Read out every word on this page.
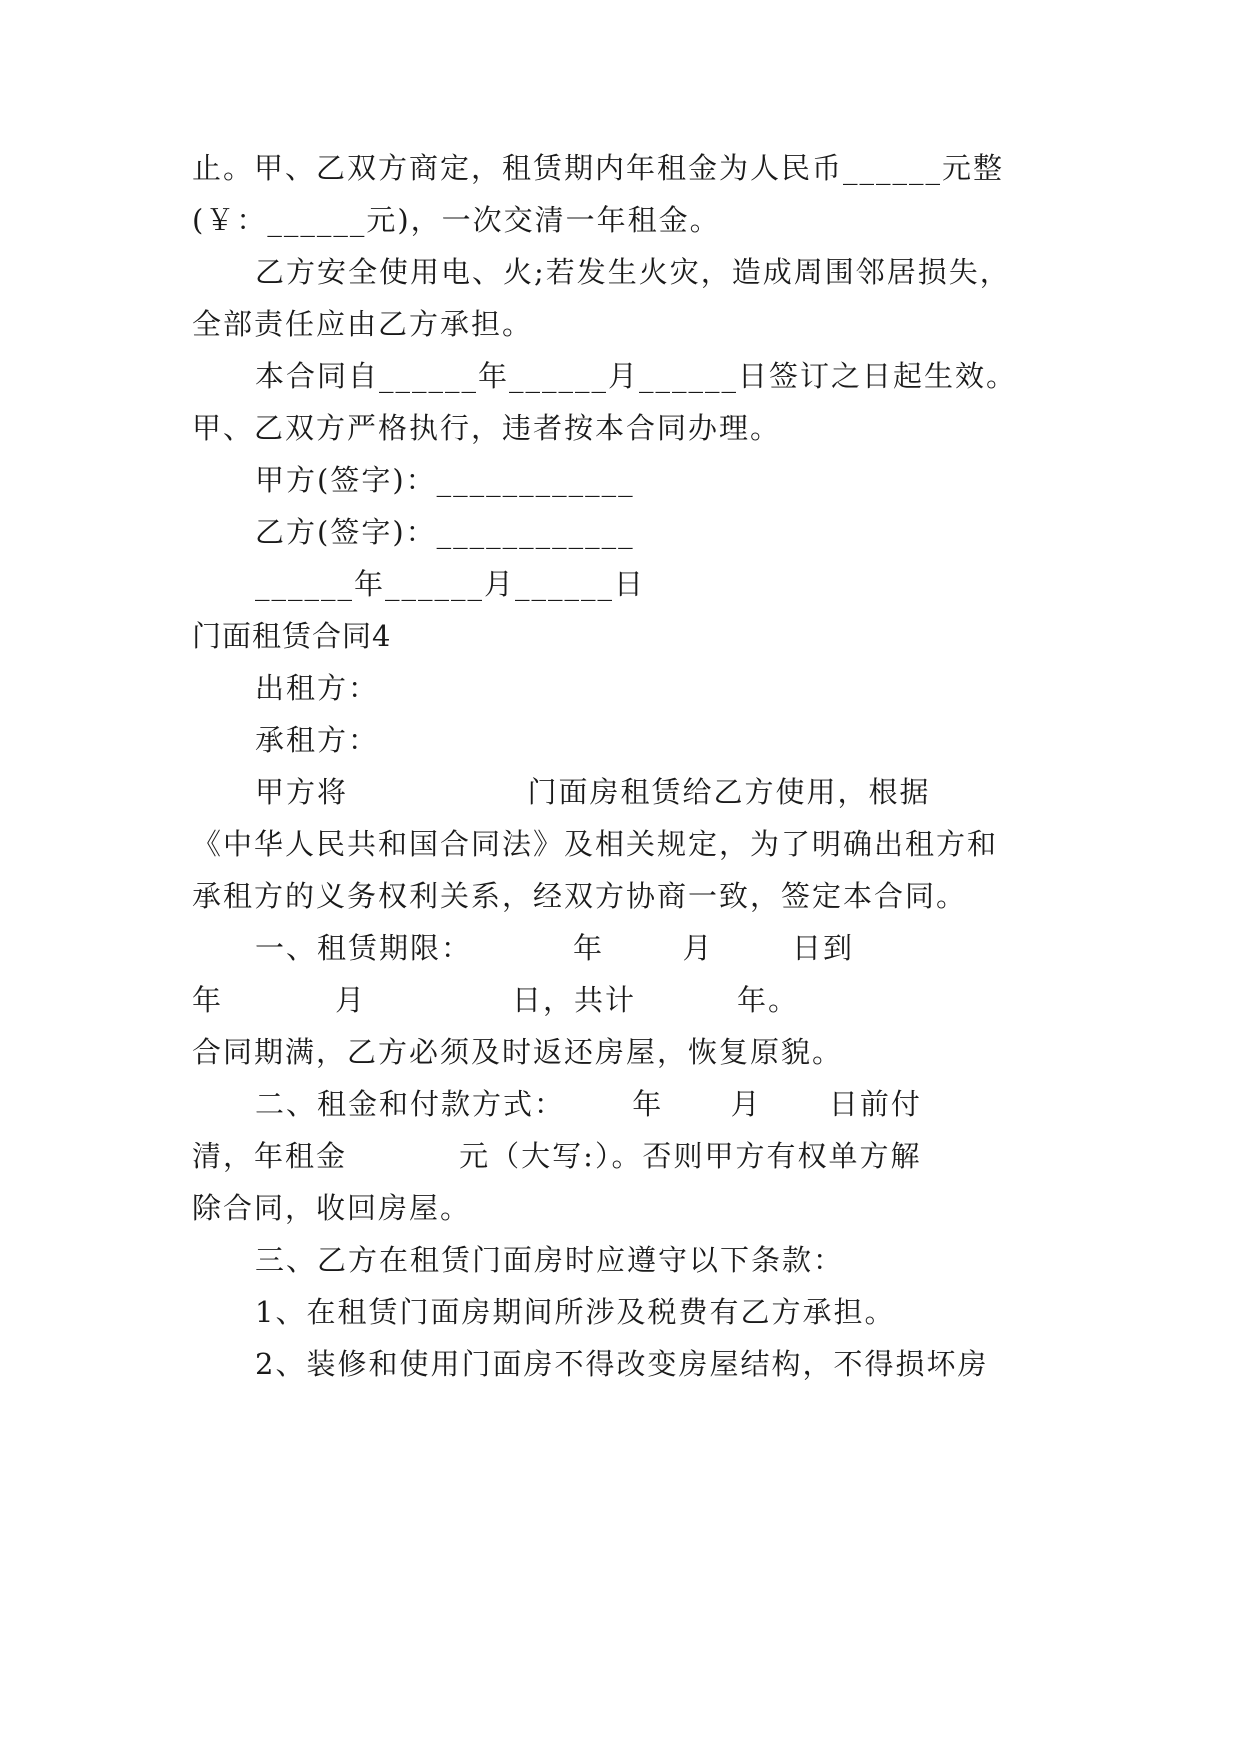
止。甲、乙双方商定，租赁期内年租金为人民币______元整

(￥：______元)，一次交清一年租金。

乙方安全使用电、火;若发生火灾，造成周围邻居损失，

全部责任应由乙方承担。

本合同自______年______月______日签订之日起生效。

甲、乙双方严格执行，违者按本合同办理。

甲方(签字)：____________

乙方(签字)：____________

______年______月______日

门面租赁合同4

出租方：

承租方：

甲方将                门面房租赁给乙方使用，根据

《中华人民共和国合同法》及相关规定，为了明确出租方和

承租方的义务权利关系，经双方协商一致，签定本合同。

一、租赁期限：         年       月       日到

年          月             日，共计         年。

合同期满，乙方必须及时返还房屋，恢复原貌。

二、租金和付款方式：      年      月      日前付

清，年租金          元（大写:）。否则甲方有权单方解

除合同，收回房屋。

三、乙方在租赁门面房时应遵守以下条款：

1、在租赁门面房期间所涉及税费有乙方承担。

2、装修和使用门面房不得改变房屋结构，不得损坏房
